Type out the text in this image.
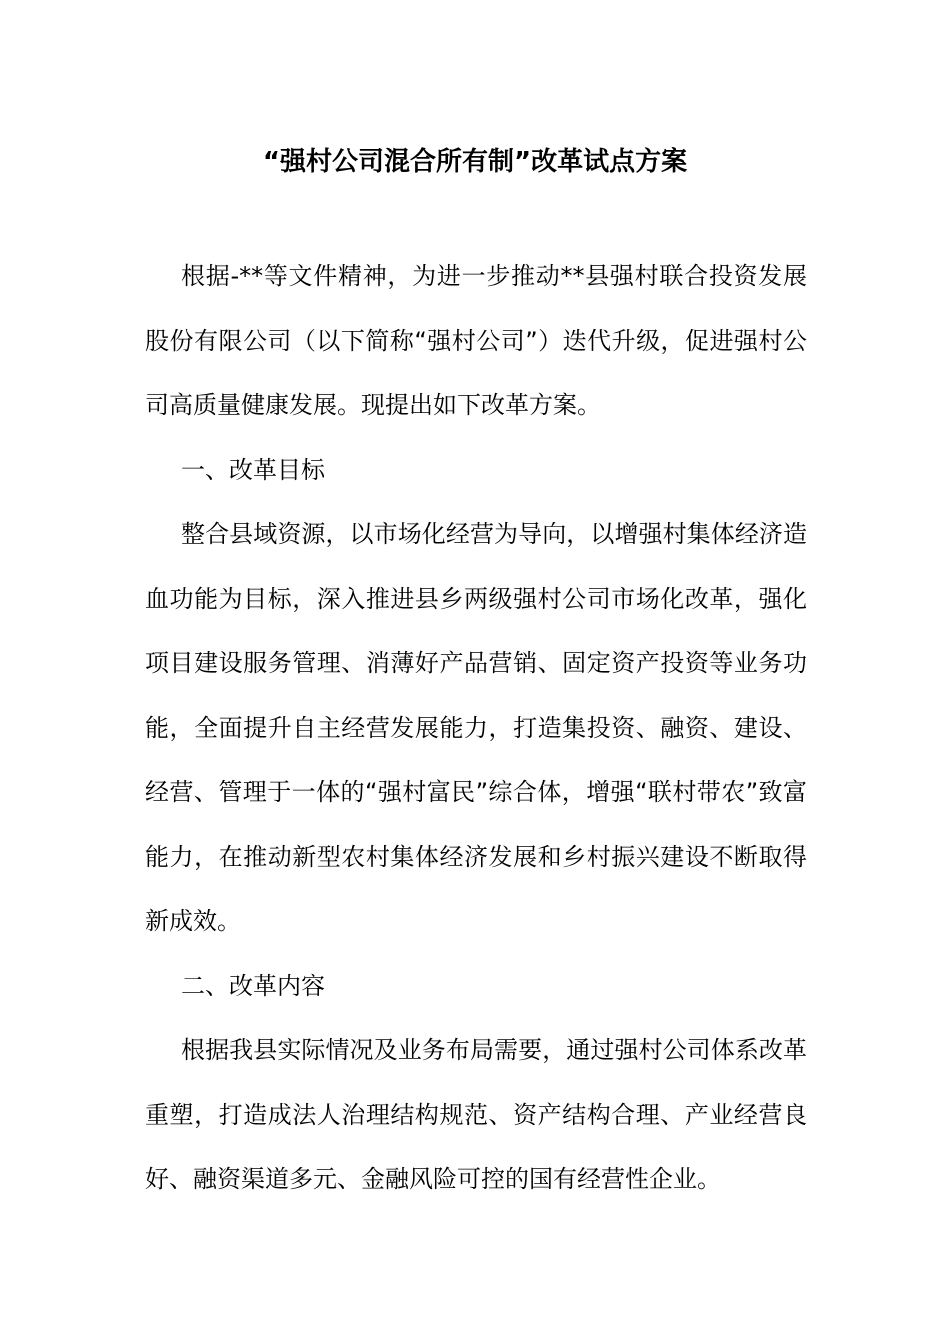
“强村公司混合所有制”改革试点方案

根据-**等文件精神，为进一步推动**县强村联合投资发展股份有限公司（以下简称“强村公司”）迭代升级，促进强村公司高质量健康发展。现提出如下改革方案。

一、改革目标

整合县域资源，以市场化经营为导向，以增强村集体经济造血功能为目标，深入推进县乡两级强村公司市场化改革，强化项目建设服务管理、消薄好产品营销、固定资产投资等业务功能，全面提升自主经营发展能力，打造集投资、融资、建设、经营、管理于一体的“强村富民”综合体，增强“联村带农”致富能力，在推动新型农村集体经济发展和乡村振兴建设不断取得新成效。

二、改革内容

根据我县实际情况及业务布局需要，通过强村公司体系改革重塑，打造成法人治理结构规范、资产结构合理、产业经营良好、融资渠道多元、金融风险可控的国有经营性企业。
